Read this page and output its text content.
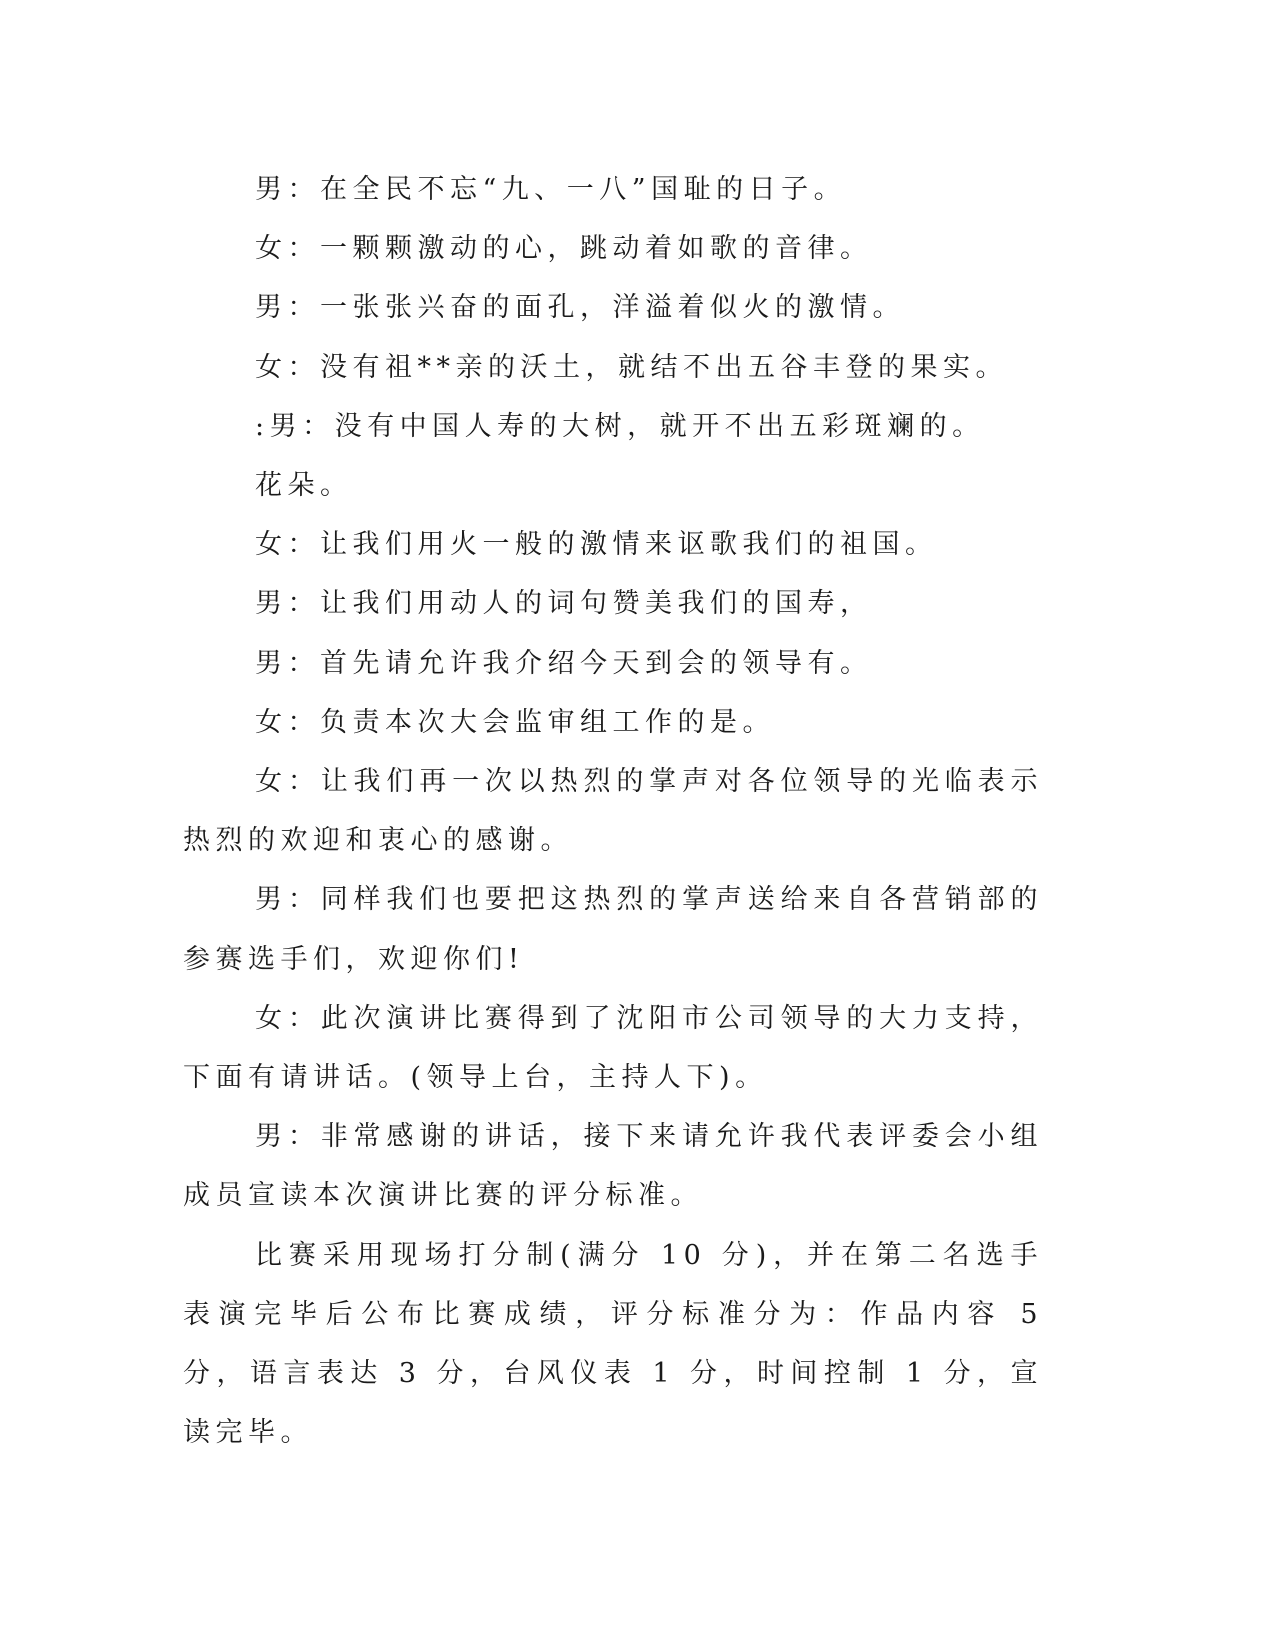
男：在全民不忘“九、一八”国耻的日子。

女：一颗颗激动的心，跳动着如歌的音律。

男：一张张兴奋的面孔，洋溢着似火的激情。

女：没有祖**亲的沃土，就结不出五谷丰登的果实。

:男：没有中国人寿的大树，就开不出五彩斑斓的。

花朵。

女：让我们用火一般的激情来讴歌我们的祖国。

男：让我们用动人的词句赞美我们的国寿，

男：首先请允许我介绍今天到会的领导有。

女：负责本次大会监审组工作的是。

女：让我们再一次以热烈的掌声对各位领导的光临表示热烈的欢迎和衷心的感谢。

男：同样我们也要把这热烈的掌声送给来自各营销部的参赛选手们，欢迎你们!

女：此次演讲比赛得到了沈阳市公司领导的大力支持，下面有请讲话。(领导上台，主持人下)。

男：非常感谢的讲话，接下来请允许我代表评委会小组成员宣读本次演讲比赛的评分标准。

比赛采用现场打分制(满分 10 分)，并在第二名选手表演完毕后公布比赛成绩，评分标准分为：作品内容 5 分，语言表达 3 分，台风仪表 1 分，时间控制 1 分，宣读完毕。
